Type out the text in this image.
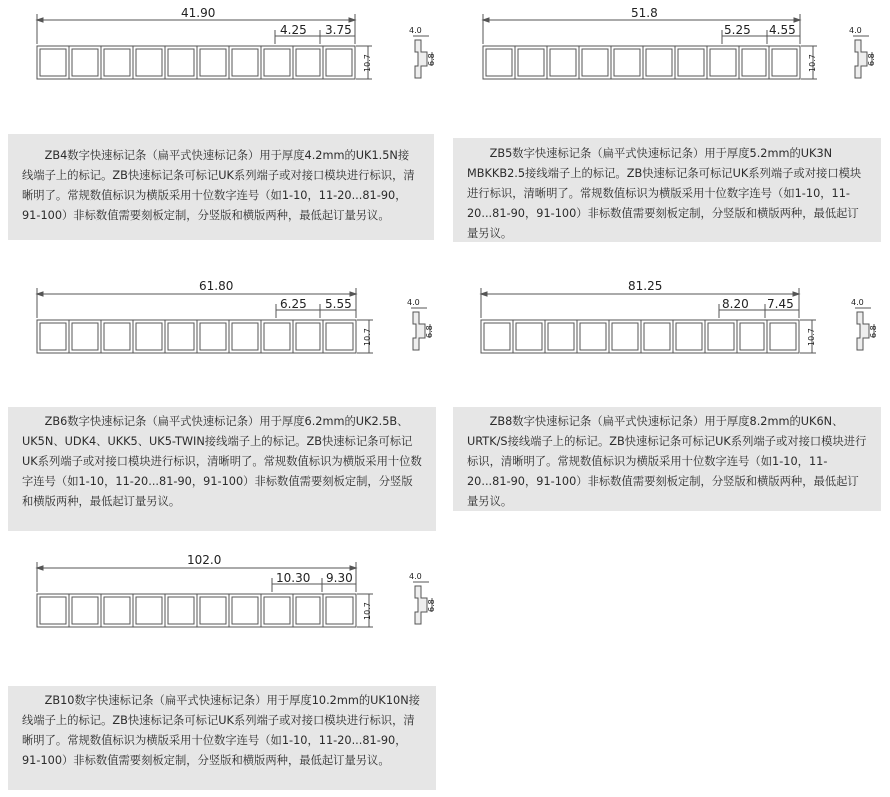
41.90
4.25 3.75
10.7
4.0
6.8

ZB4数字快速标记条（扁平式快速标记条）用于厚度4.2mm的UK1.5N接线端子上的标记。ZB快速标记条可标记UK系列端子或对接口模块进行标识，清晰明了。常规数值标识为横版采用十位数字连号（如1-10，11-20...81-90，91-100）非标数值需要刻板定制，分竖版和横版两种，最低起订量另议。

51.8
5.25 4.55
10.7
4.0
6.8

ZB5数字快速标记条（扁平式快速标记条）用于厚度5.2mm的UK3N MBKKB2.5接线端子上的标记。ZB快速标记条可标记UK系列端子或对接口模块进行标识，清晰明了。常规数值标识为横版采用十位数字连号（如1-10，11-20...81-90，91-100）非标数值需要刻板定制，分竖版和横版两种，最低起订量另议。

61.80
6.25 5.55
10.7
4.0
6.8

ZB6数字快速标记条（扁平式快速标记条）用于厚度6.2mm的UK2.5B、UK5N、UDK4、UKK5、UK5-TWIN接线端子上的标记。ZB快速标记条可标记UK系列端子或对接口模块进行标识，清晰明了。常规数值标识为横版采用十位数字连号（如1-10，11-20...81-90，91-100）非标数值需要刻板定制，分竖版和横版两种，最低起订量另议。

81.25
8.20 7.45
10.7
4.0
6.8

ZB8数字快速标记条（扁平式快速标记条）用于厚度8.2mm的UK6N、URTK/S接线端子上的标记。ZB快速标记条可标记UK系列端子或对接口模块进行标识，清晰明了。常规数值标识为横版采用十位数字连号（如1-10，11-20...81-90，91-100）非标数值需要刻板定制，分竖版和横版两种，最低起订量另议。

102.0
10.30 9.30
10.7
4.0
6.8

ZB10数字快速标记条（扁平式快速标记条）用于厚度10.2mm的UK10N接线端子上的标记。ZB快速标记条可标记UK系列端子或对接口模块进行标识，清晰明了。常规数值标识为横版采用十位数字连号（如1-10，11-20...81-90，91-100）非标数值需要刻板定制，分竖版和横版两种，最低起订量另议。
